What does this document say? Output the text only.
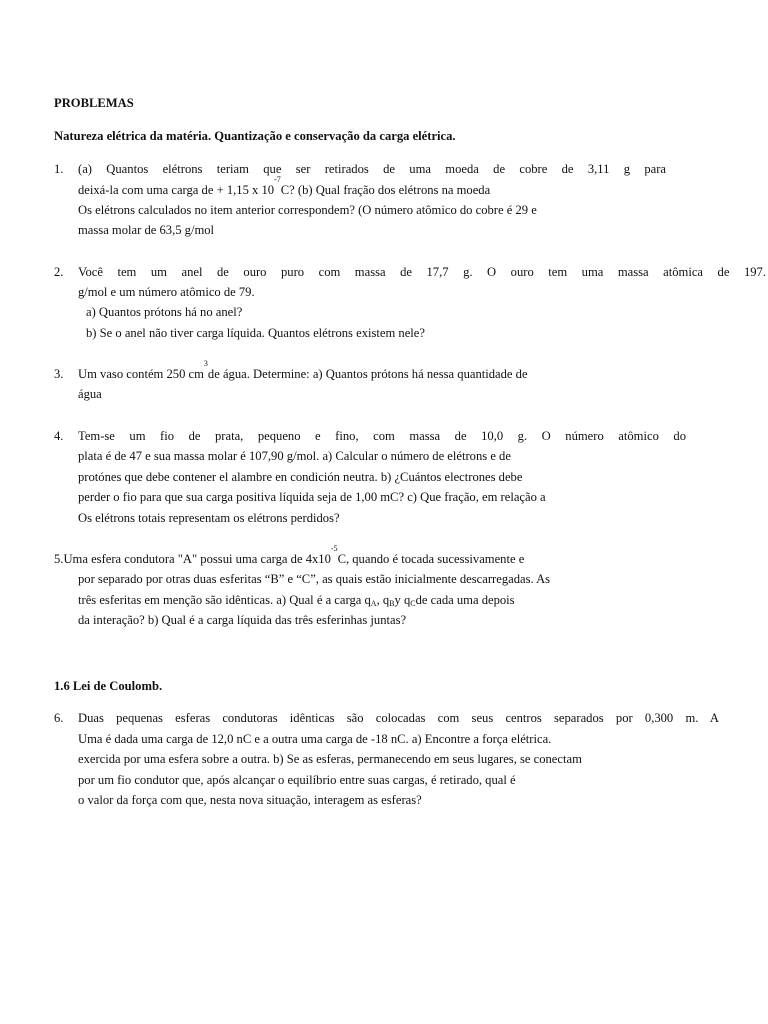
PROBLEMAS
Natureza elétrica da matéria. Quantização e conservação da carga elétrica.
1. (a) Quantos elétrons teriam que ser retirados de uma moeda de cobre de 3,11 g para
deixá-la com uma carga de + 1,15 x $10^{-7}C$? (b) Qual fração dos elétrons na moeda
Os elétrons calculados no item anterior correspondem? (O número atômico do cobre é 29 e
massa molar de 63,5 g/mol
2. Você tem um anel de ouro puro com massa de 17,7 g. O ouro tem uma massa atômica de 197.
g/mol e um número atômico de 79.
a) Quantos prótons há no anel?
b) Se o anel não tiver carga líquida. Quantos elétrons existem nele?
3. Um vaso contém 250 $cm^3de$ água. Determine: a) Quantos prótons há nessa quantidade de
água
4. Tem-se um fio de prata, pequeno e fino, com massa de 10,0 g. O número atômico do
plata é de 47 e sua massa molar é 107,90 g/mol. a) Calcular o número de elétrons e de
protónes que debe contener el alambre en condición neutra. b) ¿Cuántos electrones debe
perder o fio para que sua carga positiva líquida seja de 1,00 mC? c) Que fração, em relação a
Os elétrons totais representam os elétrons perdidos?
5.Uma esfera condutora "A" possui uma carga de $4x10^{-5}C$, quando é tocada sucessivamente e
por separado por otras duas esferitas “B” e “C”, as quais estão inicialmente descarregadas. As
três esferitas em menção são idênticas. a) Qual é a carga $q_A$, $q_By$ $q_Cde$ cada uma depois
da interação? b) Qual é a carga líquida das três esferinhas juntas?
1.6 Lei de Coulomb.
6. Duas pequenas esferas condutoras idênticas são colocadas com seus centros separados por 0,300 m. A
Uma é dada uma carga de 12,0 nC e a outra uma carga de -18 nC. a) Encontre a força elétrica.
exercida por uma esfera sobre a outra. b) Se as esferas, permanecendo em seus lugares, se conectam
por um fio condutor que, após alcançar o equilíbrio entre suas cargas, é retirado, qual é
o valor da força com que, nesta nova situação, interagem as esferas?
